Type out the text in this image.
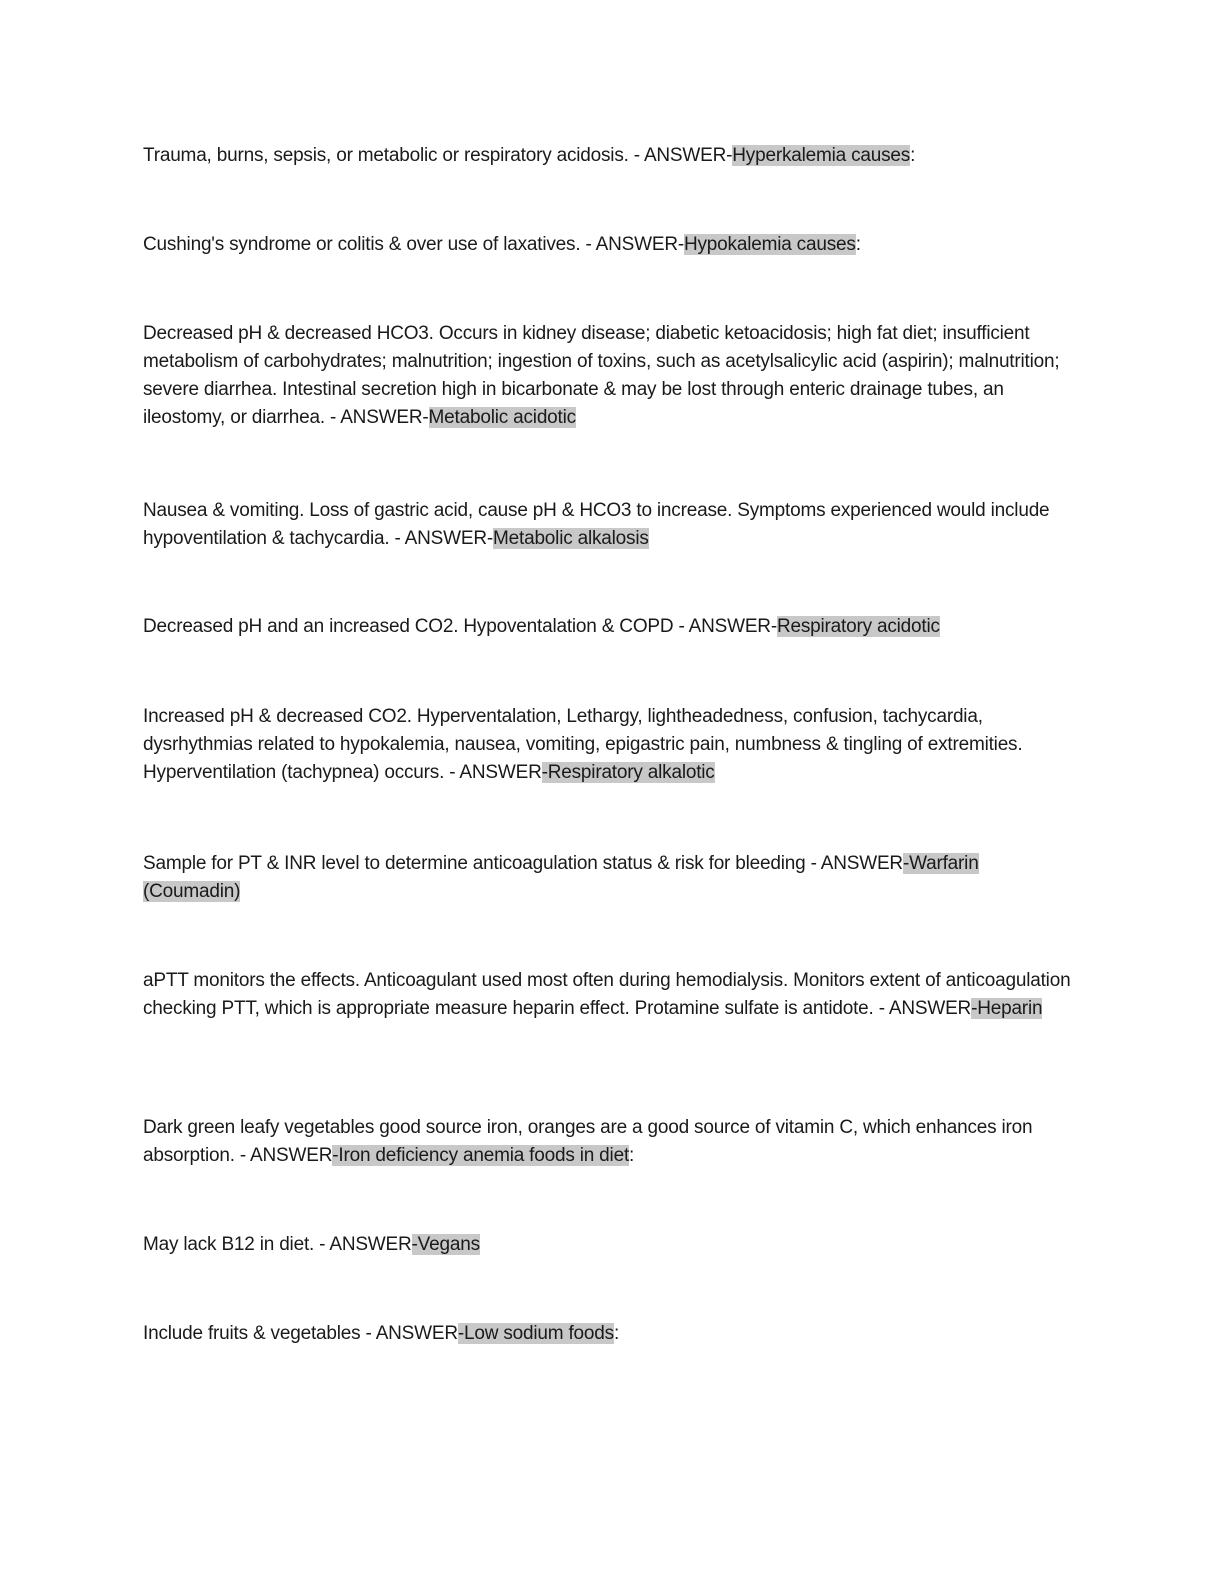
Trauma, burns, sepsis, or metabolic or respiratory acidosis. - ANSWER-Hyperkalemia causes:

Cushing's syndrome or colitis & over use of laxatives. - ANSWER-Hypokalemia causes:

Decreased pH & decreased HCO3. Occurs in kidney disease; diabetic ketoacidosis; high fat diet; insufficient metabolism of carbohydrates; malnutrition; ingestion of toxins, such as acetylsalicylic acid (aspirin); malnutrition; severe diarrhea. Intestinal secretion high in bicarbonate & may be lost through enteric drainage tubes, an ileostomy, or diarrhea. - ANSWER-Metabolic acidotic

Nausea & vomiting. Loss of gastric acid, cause pH & HCO3 to increase. Symptoms experienced would include hypoventilation & tachycardia. - ANSWER-Metabolic alkalosis

Decreased pH and an increased CO2. Hypoventalation & COPD - ANSWER-Respiratory acidotic

Increased pH & decreased CO2. Hyperventalation, Lethargy, lightheadedness, confusion, tachycardia, dysrhythmias related to hypokalemia, nausea, vomiting, epigastric pain, numbness & tingling of extremities. Hyperventilation (tachypnea) occurs. - ANSWER-Respiratory alkalotic

Sample for PT & INR level to determine anticoagulation status & risk for bleeding - ANSWER-Warfarin (Coumadin)

aPTT monitors the effects. Anticoagulant used most often during hemodialysis. Monitors extent of anticoagulation checking PTT, which is appropriate measure heparin effect. Protamine sulfate is antidote. - ANSWER-Heparin

Dark green leafy vegetables good source iron, oranges are a good source of vitamin C, which enhances iron absorption. - ANSWER-Iron deficiency anemia foods in diet:

May lack B12 in diet. - ANSWER-Vegans

Include fruits & vegetables - ANSWER-Low sodium foods:
